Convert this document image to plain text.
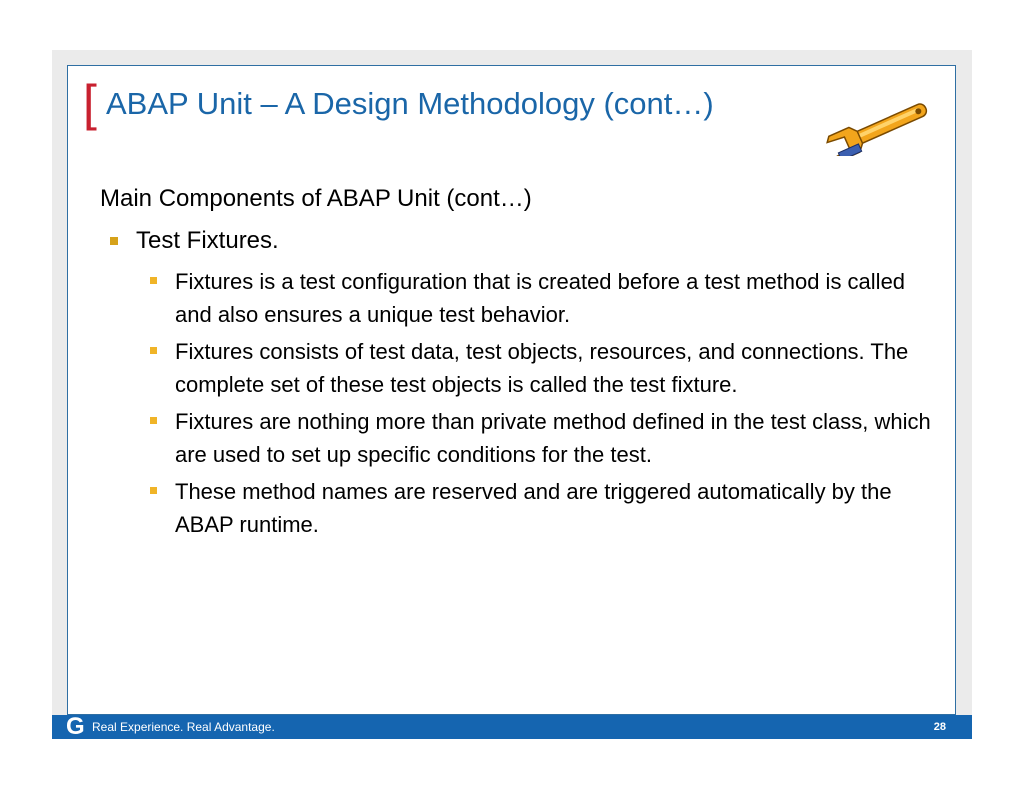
[ ABAP Unit – A Design Methodology (cont…)
Main Components of ABAP Unit (cont…)
Test Fixtures.
Fixtures is a test configuration that is created before a test method is called and also ensures a unique test behavior.
Fixtures consists of test data, test objects, resources, and connections. The complete set of these test objects is called the test fixture.
Fixtures are nothing more than private method defined in the test class, which are used to set up specific conditions for the test.
These method names are reserved and are triggered automatically by the ABAP runtime.
G Real Experience. Real Advantage.	28
